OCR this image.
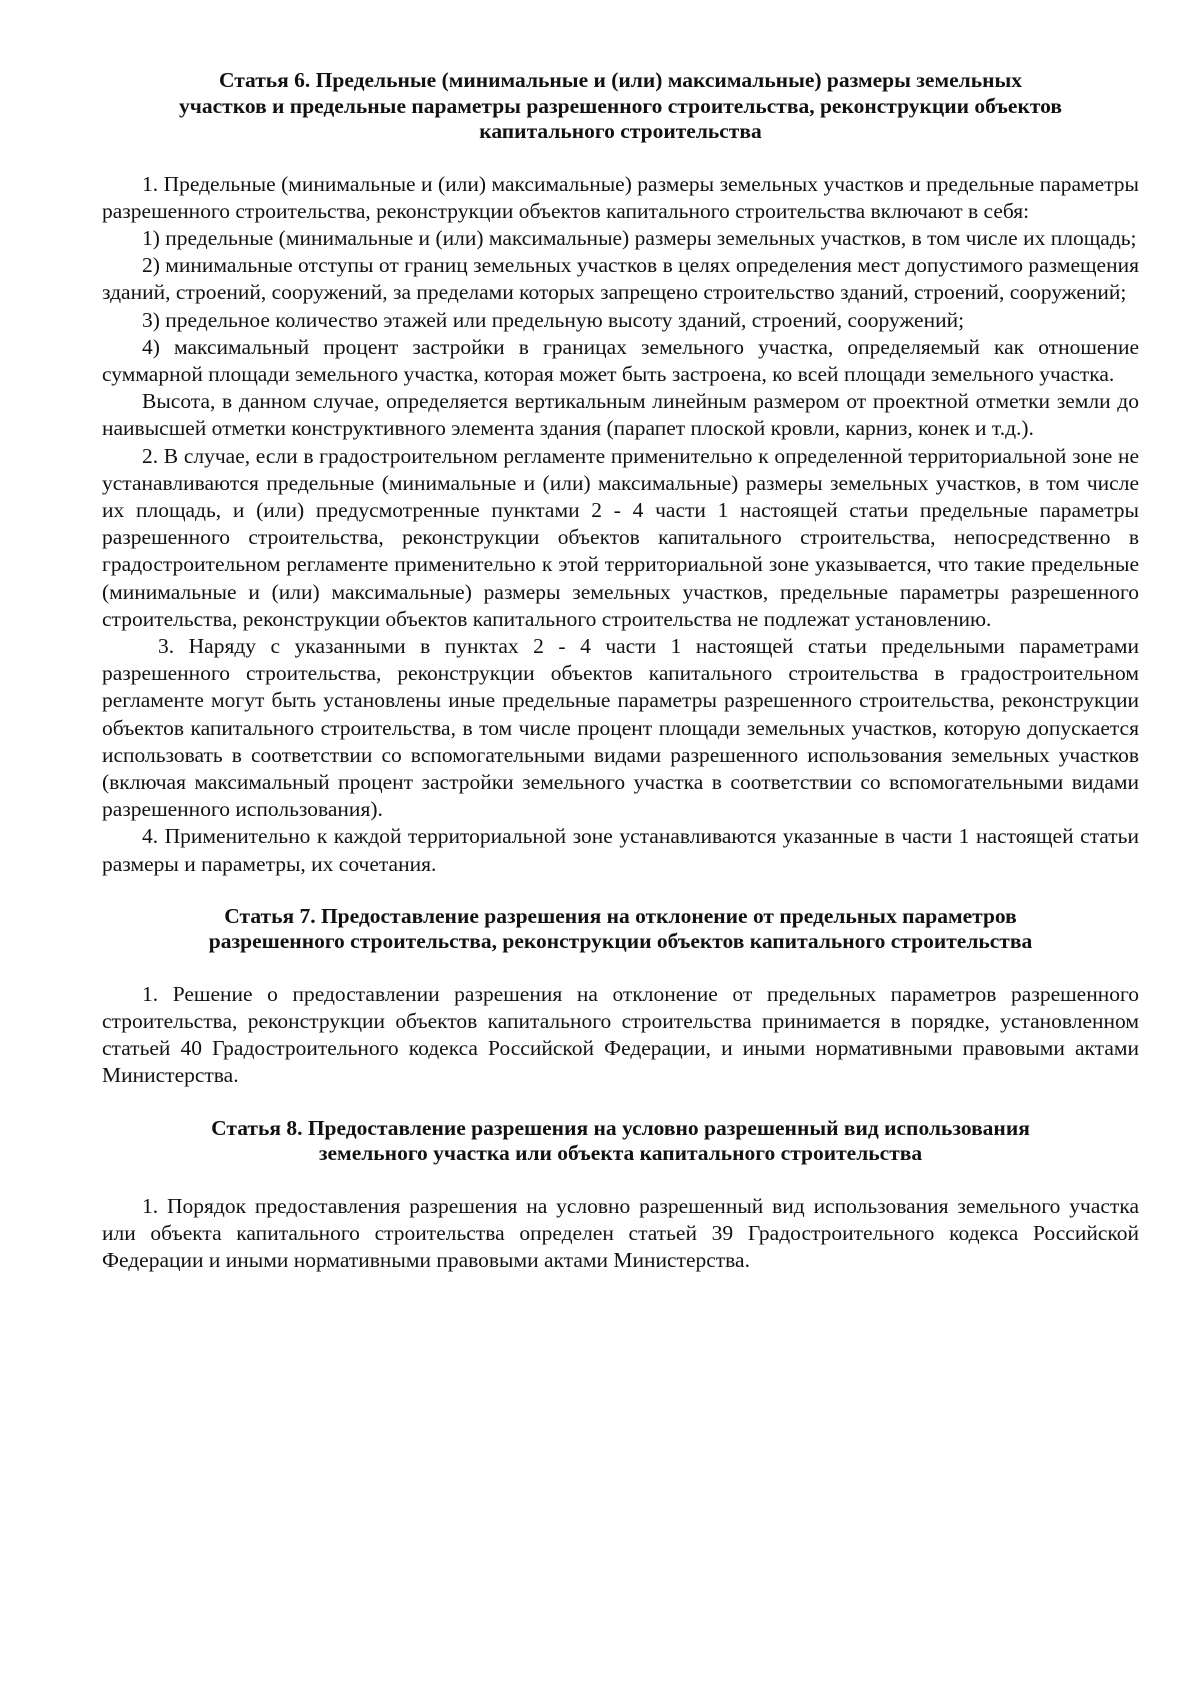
Статья 6. Предельные (минимальные и (или) максимальные) размеры земельных
участков и предельные параметры разрешенного строительства, реконструкции объектов
капитального строительства

1. Предельные (минимальные и (или) максимальные) размеры земельных участков и предельные параметры разрешенного строительства, реконструкции объектов капитального строительства включают в себя:

1) предельные (минимальные и (или) максимальные) размеры земельных участков, в том числе их площадь;

2) минимальные отступы от границ земельных участков в целях определения мест допустимого размещения зданий, строений, сооружений, за пределами которых запрещено строительство зданий, строений, сооружений;

3) предельное количество этажей или предельную высоту зданий, строений, сооружений;

4) максимальный процент застройки в границах земельного участка, определяемый как отношение суммарной площади земельного участка, которая может быть застроена, ко всей площади земельного участка.

Высота, в данном случае, определяется вертикальным линейным размером от проектной отметки земли до наивысшей отметки конструктивного элемента здания (парапет плоской кровли, карниз, конек и т.д.).

2. В случае, если в градостроительном регламенте применительно к определенной территориальной зоне не устанавливаются предельные (минимальные и (или) максимальные) размеры земельных участков, в том числе их площадь, и (или) предусмотренные пунктами 2 - 4 части 1 настоящей статьи предельные параметры разрешенного строительства, реконструкции объектов капитального строительства, непосредственно в градостроительном регламенте применительно к этой территориальной зоне указывается, что такие предельные (минимальные и (или) максимальные) размеры земельных участков, предельные параметры разрешенного строительства, реконструкции объектов капитального строительства не подлежат установлению.

3. Наряду с указанными в пунктах 2 - 4 части 1 настоящей статьи предельными параметрами разрешенного строительства, реконструкции объектов капитального строительства в градостроительном регламенте могут быть установлены иные предельные параметры разрешенного строительства, реконструкции объектов капитального строительства, в том числе процент площади земельных участков, которую допускается использовать в соответствии со вспомогательными видами разрешенного использования земельных участков (включая максимальный процент застройки земельного участка в соответствии со вспомогательными видами разрешенного использования).

4. Применительно к каждой территориальной зоне устанавливаются указанные в части 1 настоящей статьи размеры и параметры, их сочетания.

Статья 7. Предоставление разрешения на отклонение от предельных параметров
разрешенного строительства, реконструкции объектов капитального строительства

1. Решение о предоставлении разрешения на отклонение от предельных параметров разрешенного строительства, реконструкции объектов капитального строительства принимается в порядке, установленном статьей 40 Градостроительного кодекса Российской Федерации, и иными нормативными правовыми актами Министерства.

Статья 8. Предоставление разрешения на условно разрешенный вид использования
земельного участка или объекта капитального строительства

1. Порядок предоставления разрешения на условно разрешенный вид использования земельного участка или объекта капитального строительства определен статьей 39 Градостроительного кодекса Российской Федерации и иными нормативными правовыми актами Министерства.
